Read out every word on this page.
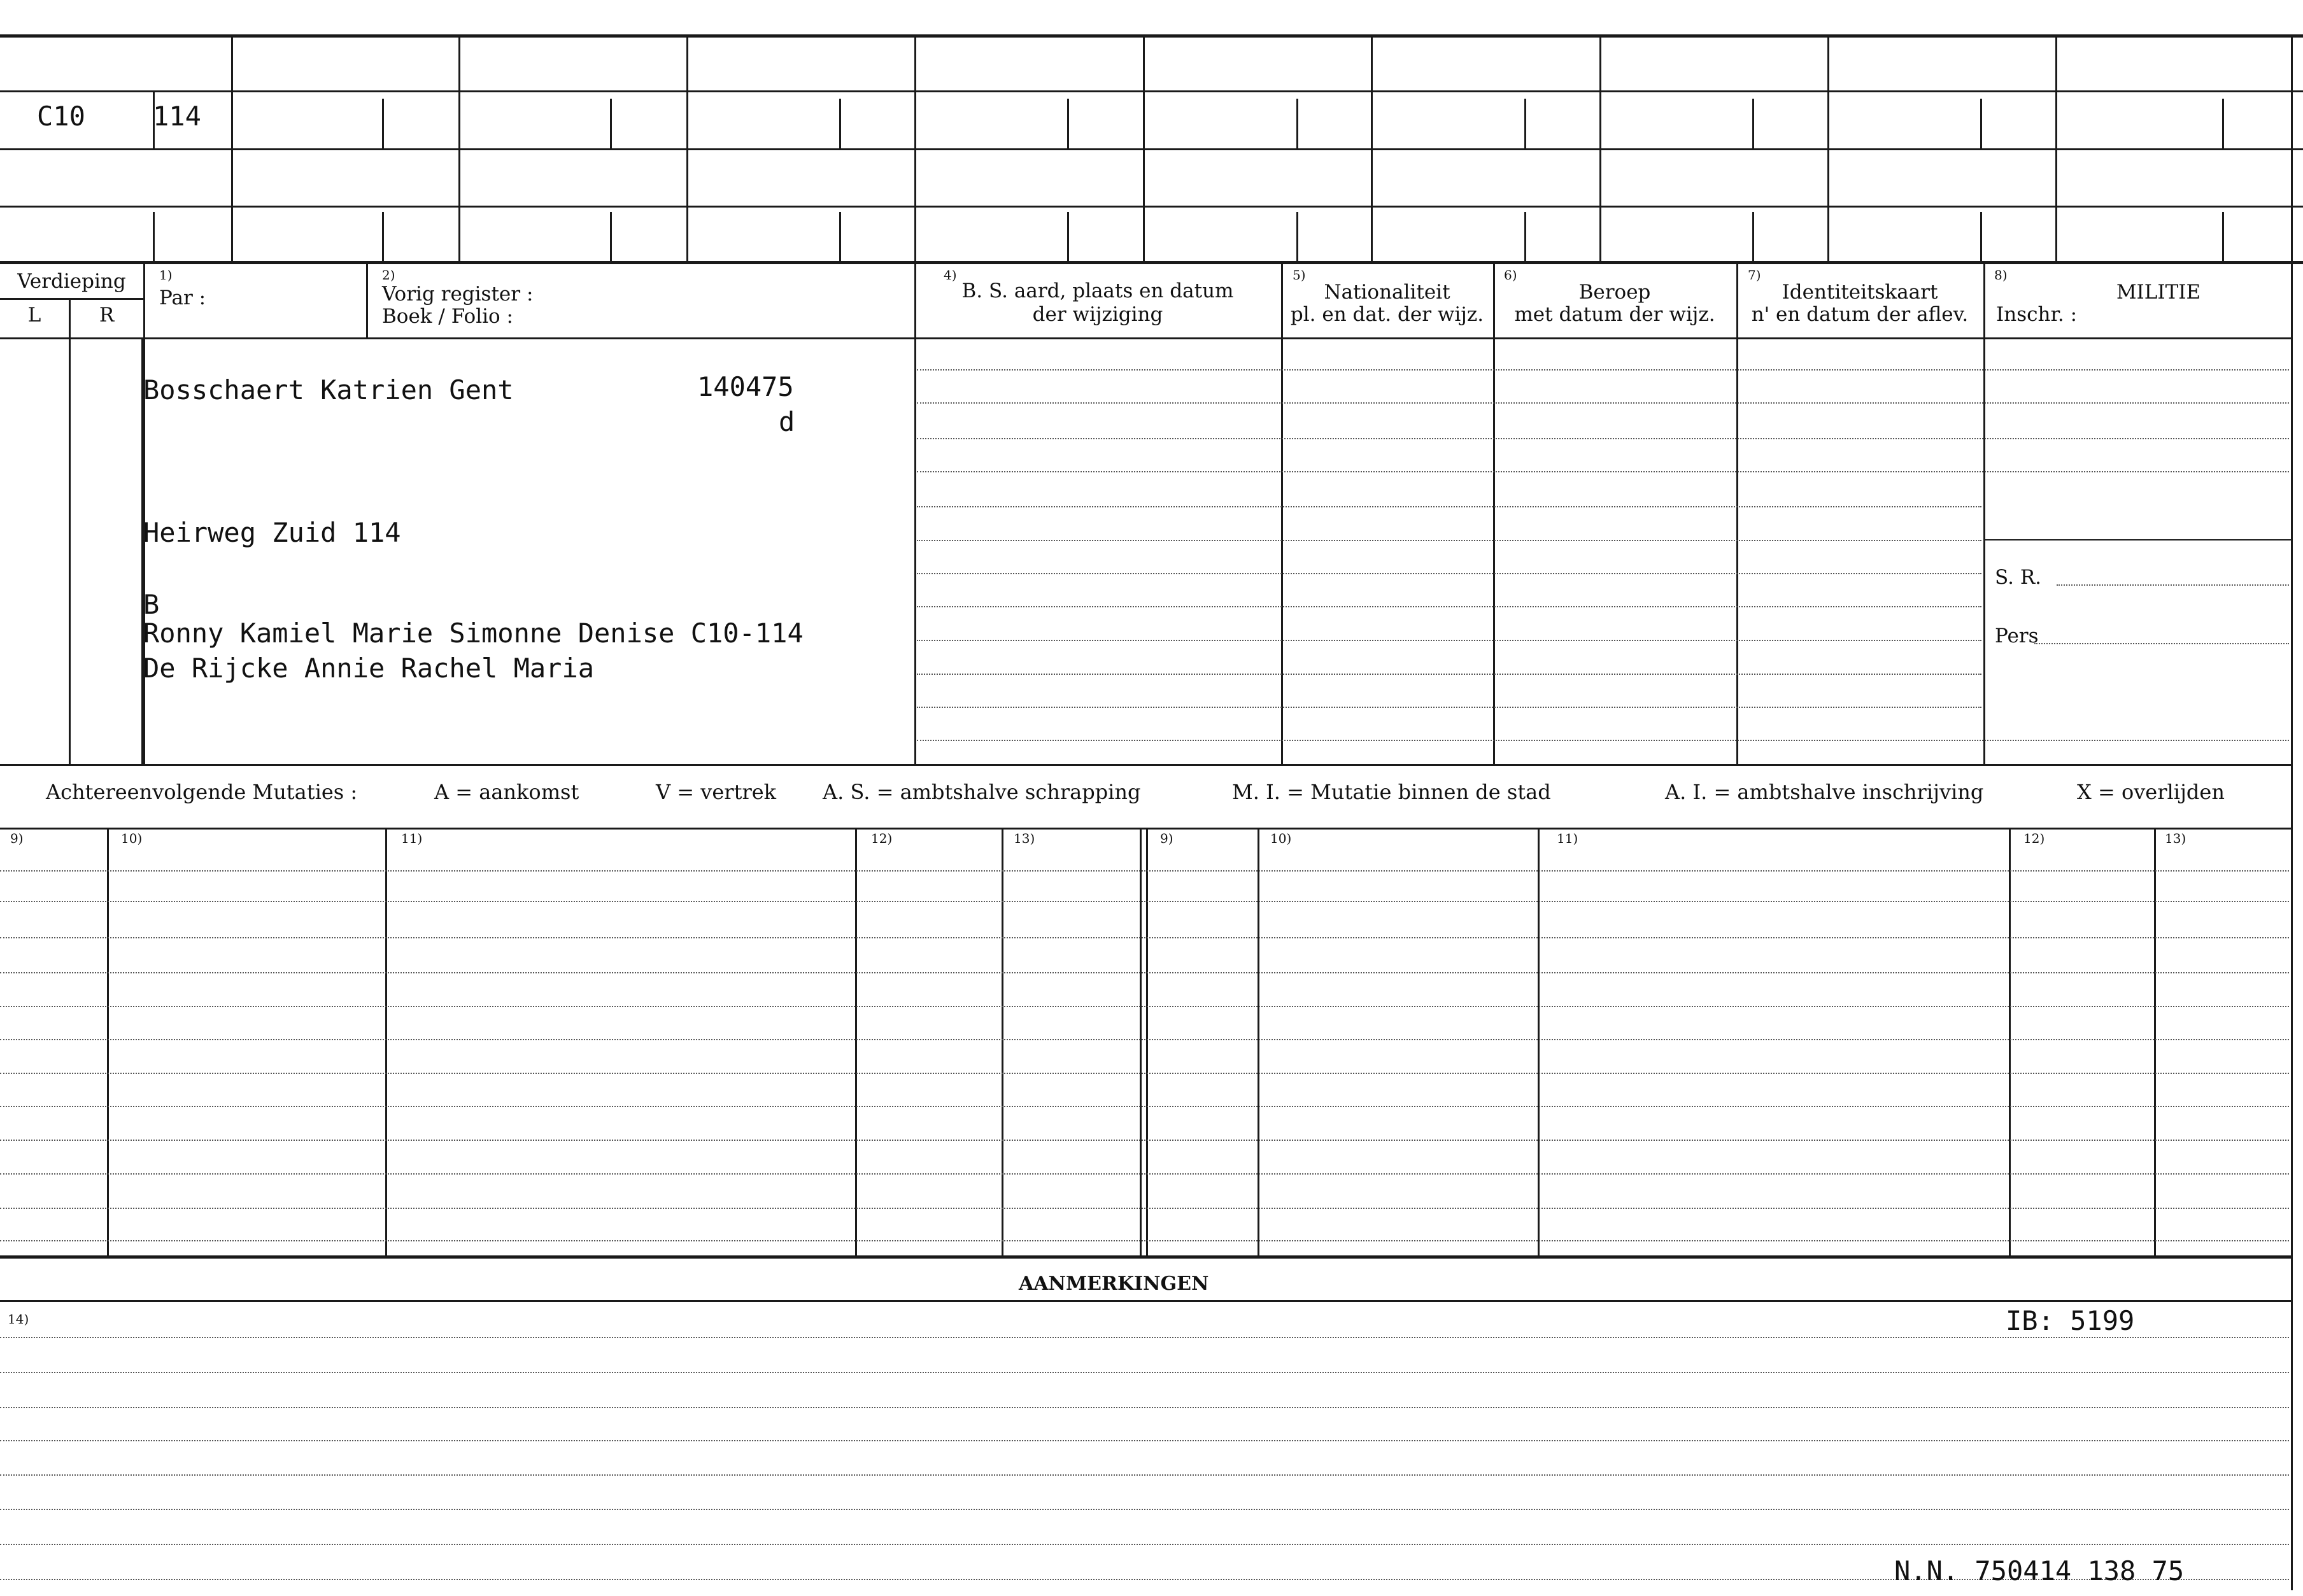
C10	114
Verdieping
L	R
1)
Par :
2)
Vorig register :
Boek / Folio :
4)
B. S. aard, plaats en datum
der wijziging
5)
Nationaliteit
pl. en dat. der wijz.
6)
Beroep
met datum der wijz.
7)
Identiteitskaart
n' en datum der aflev.
8)
MILITIE
Inschr. :
S. R.
Pers
Bosschaert Katrien Gent	140475
d
Heirweg Zuid 114
B
Ronny Kamiel Marie Simonne Denise C10-114
De Rijcke Annie Rachel Maria
Achtereenvolgende Mutaties :	A = aankomst	V = vertrek A. S. = ambtshalve schrapping	M. I. = Mutatie binnen de stad	A. I. = ambtshalve inschrijving	X = overlijden
9)	10)	11)	12)	13)	9)	10)	11)	12)	13)
AANMERKINGEN
14)	IB: 5199
N.N. 750414 138 75
